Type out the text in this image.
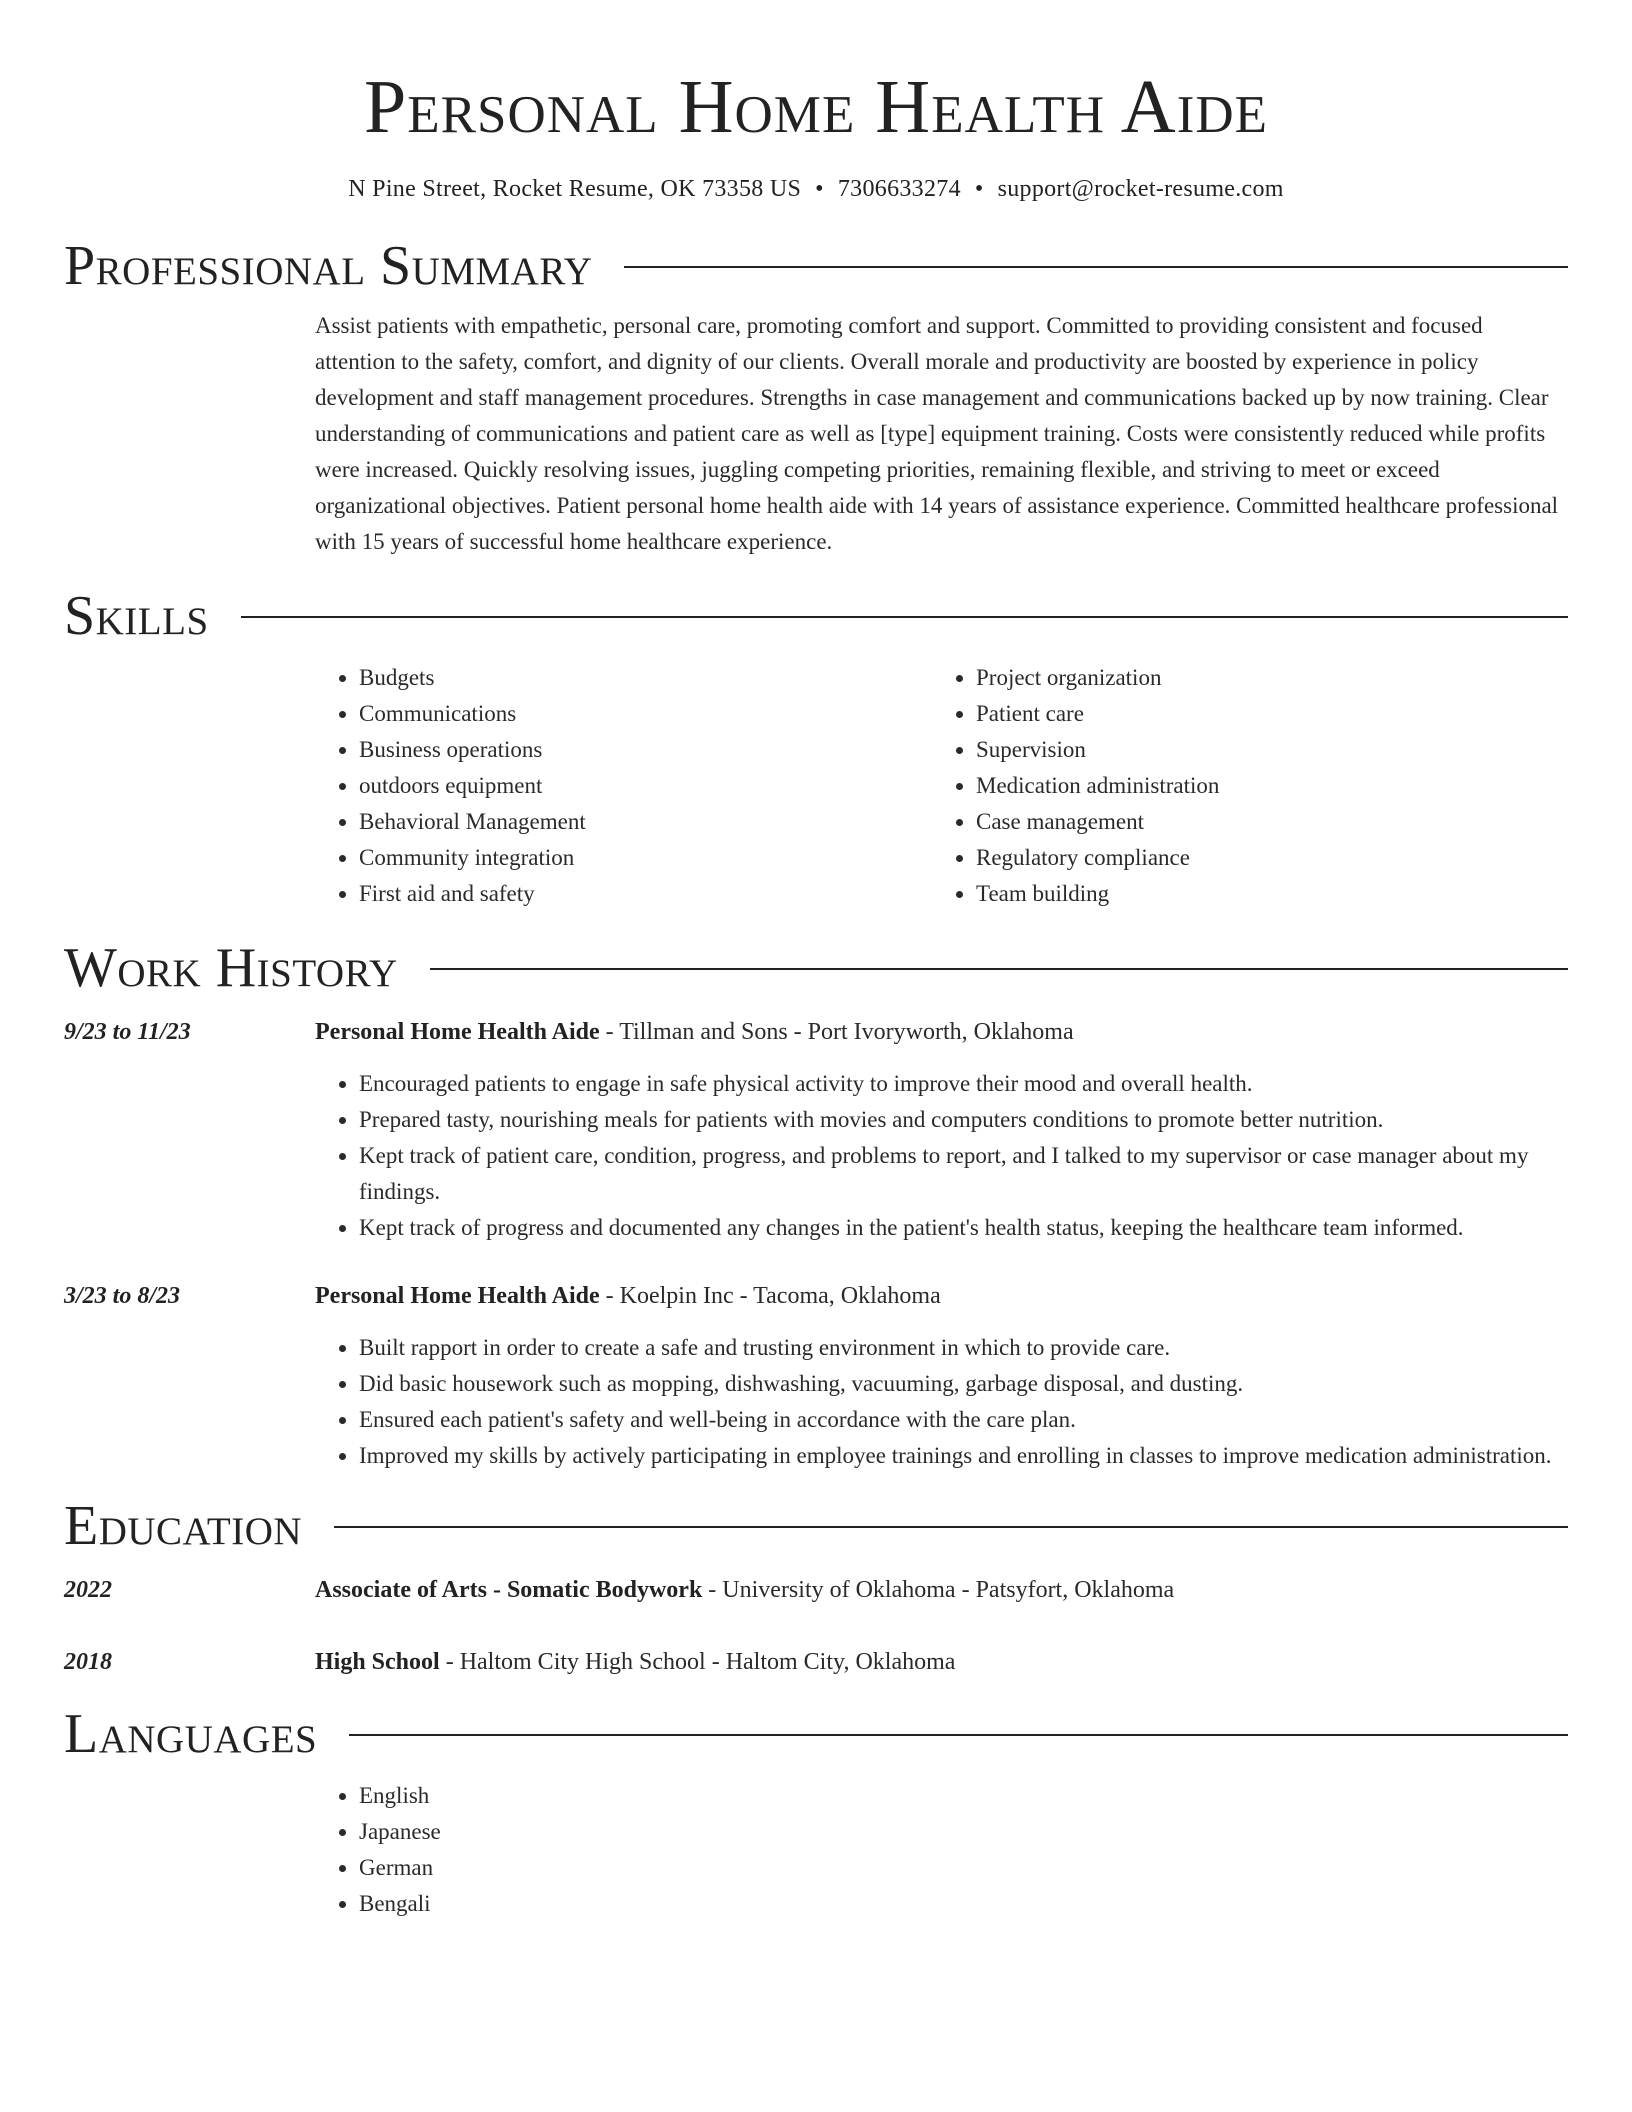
Personal Home Health Aide
N Pine Street, Rocket Resume, OK 73358 US • 7306633274 • support@rocket-resume.com
Professional Summary
Assist patients with empathetic, personal care, promoting comfort and support. Committed to providing consistent and focused attention to the safety, comfort, and dignity of our clients. Overall morale and productivity are boosted by experience in policy development and staff management procedures. Strengths in case management and communications backed up by now training. Clear understanding of communications and patient care as well as [type] equipment training. Costs were consistently reduced while profits were increased. Quickly resolving issues, juggling competing priorities, remaining flexible, and striving to meet or exceed organizational objectives. Patient personal home health aide with 14 years of assistance experience. Committed healthcare professional with 15 years of successful home healthcare experience.
Skills
• Budgets
• Communications
• Business operations
• outdoors equipment
• Behavioral Management
• Community integration
• First aid and safety
• Project organization
• Patient care
• Supervision
• Medication administration
• Case management
• Regulatory compliance
• Team building
Work History
9/23 to 11/23	Personal Home Health Aide - Tillman and Sons - Port Ivoryworth, Oklahoma
• Encouraged patients to engage in safe physical activity to improve their mood and overall health.
• Prepared tasty, nourishing meals for patients with movies and computers conditions to promote better nutrition.
• Kept track of patient care, condition, progress, and problems to report, and I talked to my supervisor or case manager about my findings.
• Kept track of progress and documented any changes in the patient's health status, keeping the healthcare team informed.
3/23 to 8/23	Personal Home Health Aide - Koelpin Inc - Tacoma, Oklahoma
• Built rapport in order to create a safe and trusting environment in which to provide care.
• Did basic housework such as mopping, dishwashing, vacuuming, garbage disposal, and dusting.
• Ensured each patient's safety and well-being in accordance with the care plan.
• Improved my skills by actively participating in employee trainings and enrolling in classes to improve medication administration.
Education
2022	Associate of Arts - Somatic Bodywork - University of Oklahoma - Patsyfort, Oklahoma
2018	High School - Haltom City High School - Haltom City, Oklahoma
Languages
• English
• Japanese
• German
• Bengali
